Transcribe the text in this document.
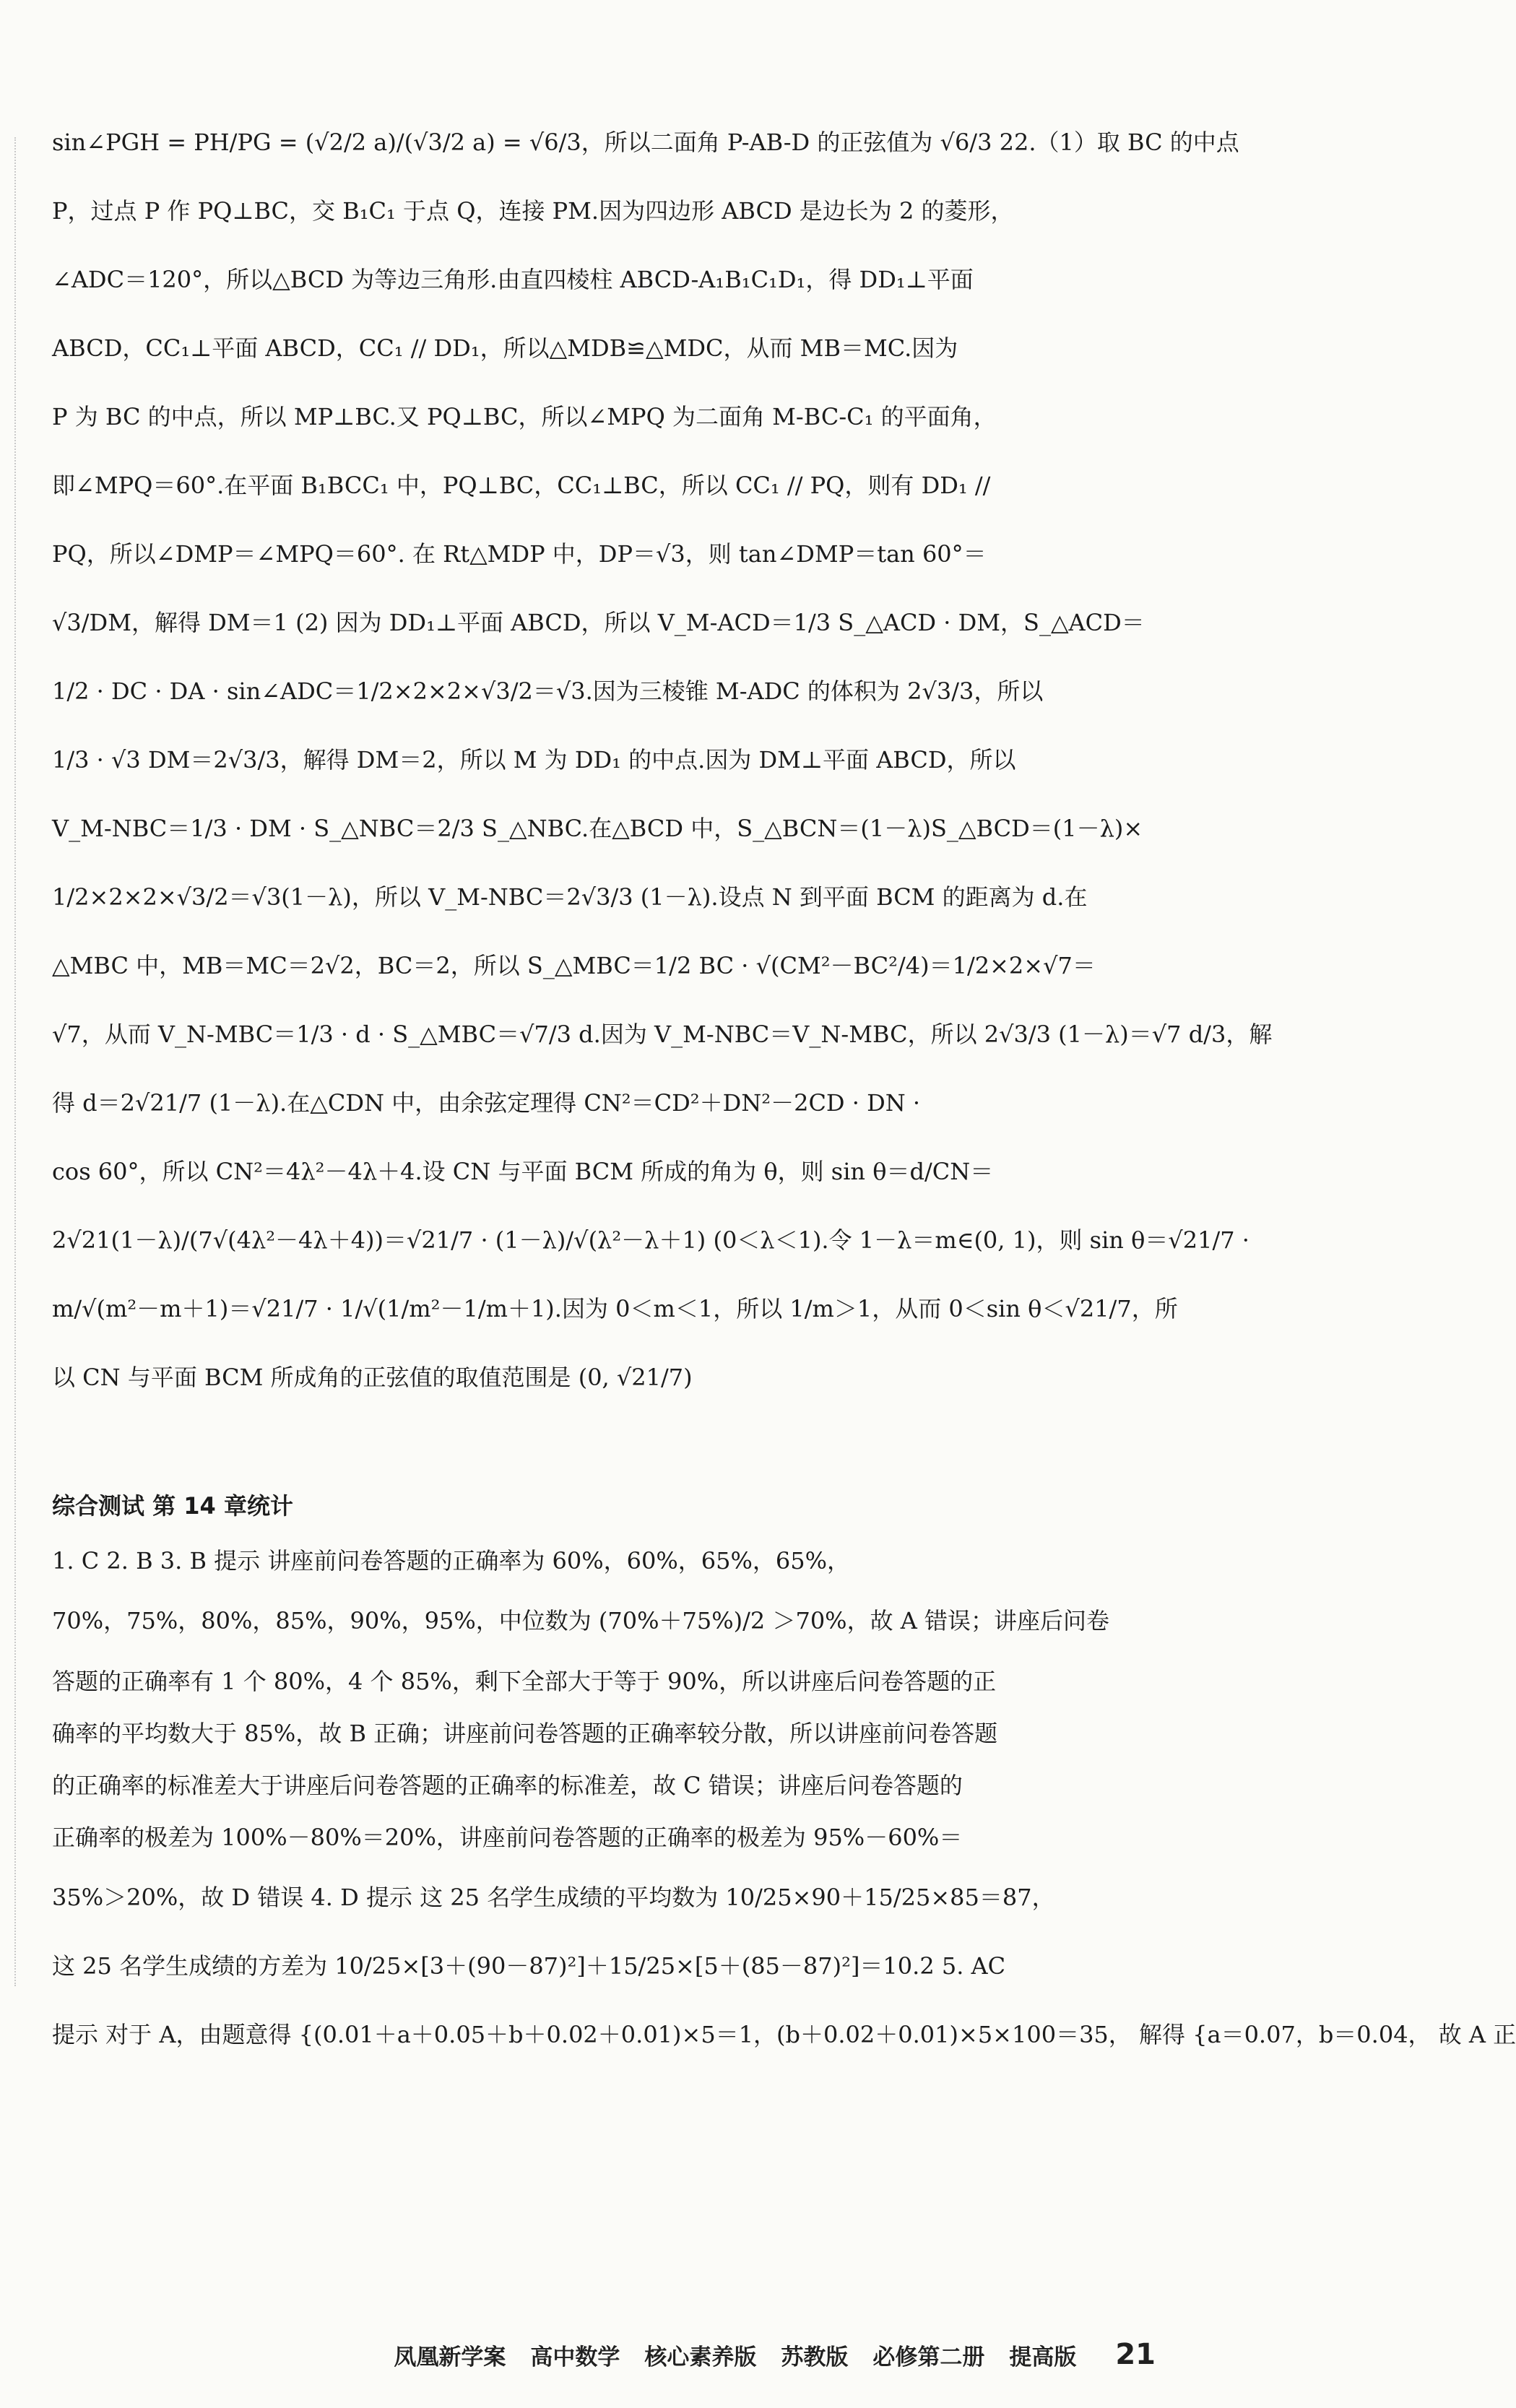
sin∠PGH = PH/PG = (√2/2 a)/(√3/2 a) = √6/3，所以二面角 P-AB-D 的正弦值为 √6/3 22.（1）取 BC 的中点
P，过点 P 作 PQ⊥BC，交 B₁C₁ 于点 Q，连接 PM.因为四边形 ABCD 是边长为 2 的菱形，
∠ADC＝120°，所以△BCD 为等边三角形.由直四棱柱 ABCD-A₁B₁C₁D₁，得 DD₁⊥平面
ABCD，CC₁⊥平面 ABCD，CC₁ // DD₁，所以△MDB≌△MDC，从而 MB＝MC.因为
P 为 BC 的中点，所以 MP⊥BC.又 PQ⊥BC，所以∠MPQ 为二面角 M-BC-C₁ 的平面角，
即∠MPQ＝60°.在平面 B₁BCC₁ 中，PQ⊥BC，CC₁⊥BC，所以 CC₁ // PQ，则有 DD₁ //
PQ，所以∠DMP＝∠MPQ＝60°. 在 Rt△MDP 中，DP＝√3，则 tan∠DMP＝tan 60°＝
√3/DM，解得 DM＝1 (2) 因为 DD₁⊥平面 ABCD，所以 V_M-ACD＝1/3 S_△ACD · DM，S_△ACD＝
1/2 · DC · DA · sin∠ADC＝1/2×2×2×√3/2＝√3.因为三棱锥 M-ADC 的体积为 2√3/3，所以
1/3 · √3 DM＝2√3/3，解得 DM＝2，所以 M 为 DD₁ 的中点.因为 DM⊥平面 ABCD，所以
V_M-NBC＝1/3 · DM · S_△NBC＝2/3 S_△NBC.在△BCD 中，S_△BCN＝(1－λ)S_△BCD＝(1－λ)×
1/2×2×2×√3/2＝√3(1－λ)，所以 V_M-NBC＝2√3/3 (1－λ).设点 N 到平面 BCM 的距离为 d.在
△MBC 中，MB＝MC＝2√2，BC＝2，所以 S_△MBC＝1/2 BC · √(CM²－BC²/4)＝1/2×2×√7＝
√7，从而 V_N-MBC＝1/3 · d · S_△MBC＝√7/3 d.因为 V_M-NBC＝V_N-MBC，所以 2√3/3 (1－λ)＝√7 d/3，解
得 d＝2√21/7 (1－λ).在△CDN 中，由余弦定理得 CN²＝CD²＋DN²－2CD · DN ·
cos 60°，所以 CN²＝4λ²－4λ＋4.设 CN 与平面 BCM 所成的角为 θ，则 sin θ＝d/CN＝
2√21(1－λ)/(7√(4λ²－4λ＋4))＝√21/7 · (1－λ)/√(λ²－λ＋1) (0＜λ＜1).令 1－λ＝m∈(0, 1)，则 sin θ＝√21/7 ·
m/√(m²－m＋1)＝√21/7 · 1/√(1/m²－1/m＋1).因为 0＜m＜1，所以 1/m＞1，从而 0＜sin θ＜√21/7，所
以 CN 与平面 BCM 所成角的正弦值的取值范围是 (0, √21/7)
综合测试 第 14 章统计
1. C 2. B 3. B 提示 讲座前问卷答题的正确率为 60%，60%，65%，65%，
70%，75%，80%，85%，90%，95%，中位数为 (70%＋75%)/2 ＞70%，故 A 错误；讲座后问卷
答题的正确率有 1 个 80%，4 个 85%，剩下全部大于等于 90%，所以讲座后问卷答题的正
确率的平均数大于 85%，故 B 正确；讲座前问卷答题的正确率较分散，所以讲座前问卷答题
的正确率的标准差大于讲座后问卷答题的正确率的标准差，故 C 错误；讲座后问卷答题的
正确率的极差为 100%－80%＝20%，讲座前问卷答题的正确率的极差为 95%－60%＝
35%＞20%，故 D 错误 4. D 提示 这 25 名学生成绩的平均数为 10/25×90＋15/25×85＝87，
这 25 名学生成绩的方差为 10/25×[3＋(90－87)²]＋15/25×[5＋(85－87)²]＝10.2 5. AC
提示 对于 A，由题意得 {(0.01＋a＋0.05＋b＋0.02＋0.01)×5＝1，(b＋0.02＋0.01)×5×100＝35， 解得 {a＝0.07，b＝0.04， 故 A 正
凤凰新学案 高中数学 核心素养版 苏教版 必修第二册 提高版 21
